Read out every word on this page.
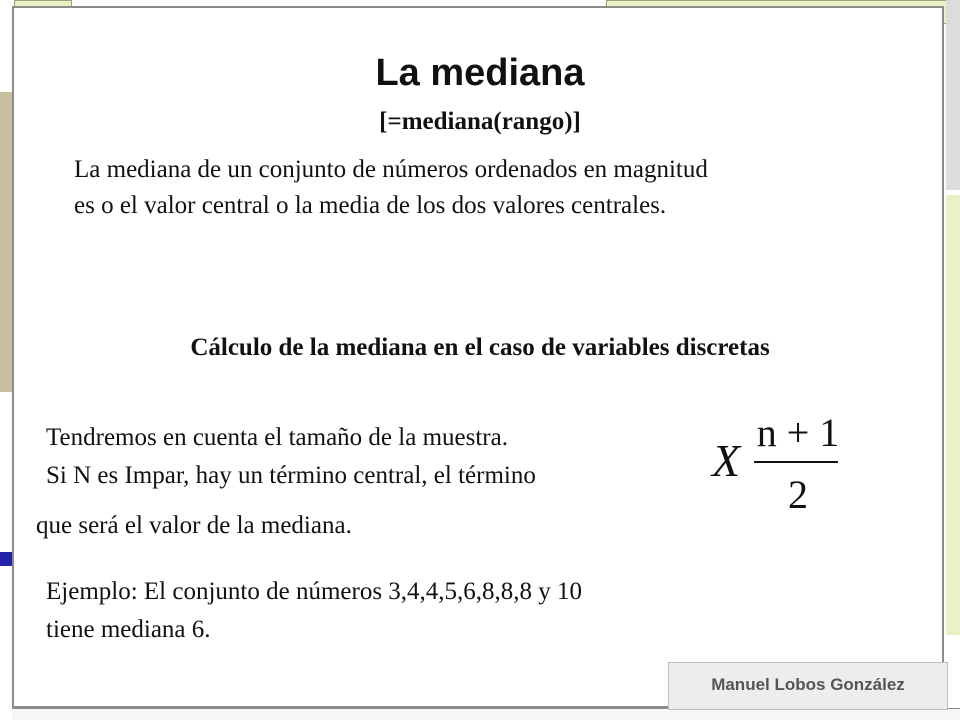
La mediana
[=mediana(rango)]
La mediana de un conjunto de números ordenados en magnitud
es o el valor central o la media de los dos valores centrales.
Cálculo de la mediana en el caso de variables discretas
Tendremos en cuenta el tamaño de la muestra.
Si N es Impar, hay un término central, el término
que será el valor de la mediana.
Ejemplo: El conjunto de números 3,4,4,5,6,8,8,8 y 10
tiene mediana 6.
X
n + 1
2
Manuel Lobos González
